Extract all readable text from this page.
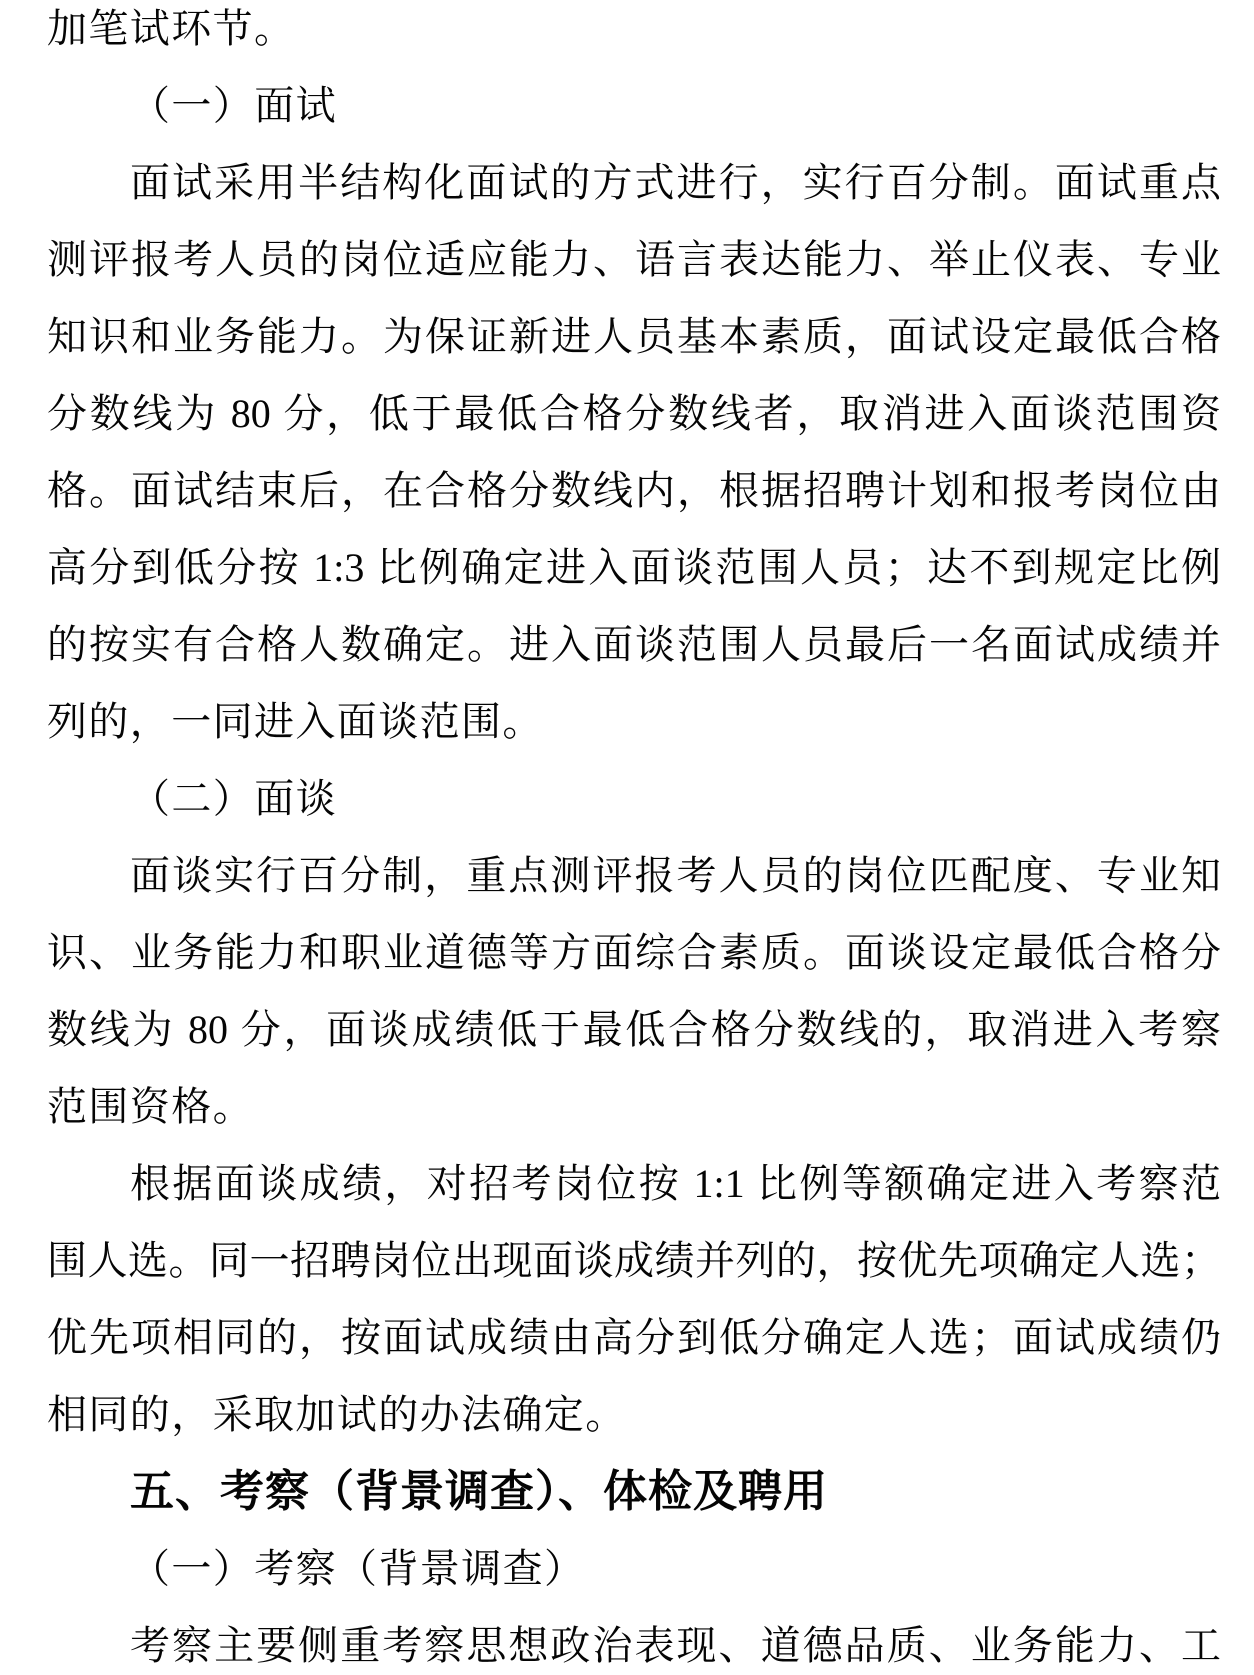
加笔试环节。
（一）面试
面试采用半结构化面试的方式进行，实行百分制。面试重点
测评报考人员的岗位适应能力、语言表达能力、举止仪表、专业
知识和业务能力。为保证新进人员基本素质，面试设定最低合格
分数线为 80 分，低于最低合格分数线者，取消进入面谈范围资
格。面试结束后，在合格分数线内，根据招聘计划和报考岗位由
高分到低分按 1:3 比例确定进入面谈范围人员；达不到规定比例
的按实有合格人数确定。进入面谈范围人员最后一名面试成绩并
列的，一同进入面谈范围。
（二）面谈
面谈实行百分制，重点测评报考人员的岗位匹配度、专业知
识、业务能力和职业道德等方面综合素质。面谈设定最低合格分
数线为 80 分，面谈成绩低于最低合格分数线的，取消进入考察
范围资格。
根据面谈成绩，对招考岗位按 1:1 比例等额确定进入考察范
围人选。同一招聘岗位出现面谈成绩并列的，按优先项确定人选；
优先项相同的，按面试成绩由高分到低分确定人选；面试成绩仍
相同的，采取加试的办法确定。
五、考察（背景调查）、体检及聘用
（一）考察（背景调查）
考察主要侧重考察思想政治表现、道德品质、业务能力、工
